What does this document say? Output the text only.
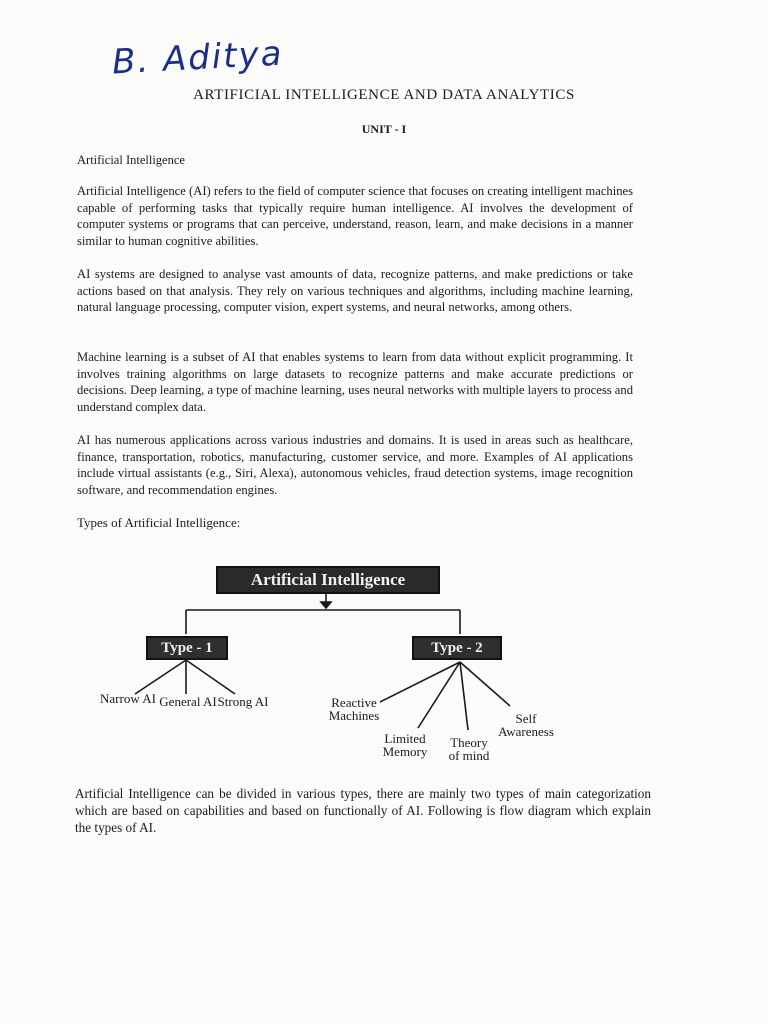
B. Aditya
ARTIFICIAL INTELLIGENCE AND DATA ANALYTICS
UNIT - I
Artificial Intelligence

Artificial Intelligence (AI) refers to the field of computer science that focuses on creating intelligent machines capable of performing tasks that typically require human intelligence. AI involves the development of computer systems or programs that can perceive, understand, reason, learn, and make decisions in a manner similar to human cognitive abilities.

AI systems are designed to analyse vast amounts of data, recognize patterns, and make predictions or take actions based on that analysis. They rely on various techniques and algorithms, including machine learning, natural language processing, computer vision, expert systems, and neural networks, among others.

Machine learning is a subset of AI that enables systems to learn from data without explicit programming. It involves training algorithms on large datasets to recognize patterns and make accurate predictions or decisions. Deep learning, a type of machine learning, uses neural networks with multiple layers to process and understand complex data.

AI has numerous applications across various industries and domains. It is used in areas such as healthcare, finance, transportation, robotics, manufacturing, customer service, and more. Examples of AI applications include virtual assistants (e.g., Siri, Alexa), autonomous vehicles, fraud detection systems, image recognition software, and recommendation engines.

Types of Artificial Intelligence:
Artificial Intelligence
Type - 1	Type - 2
Narrow AI General AI Strong AI	Reactive Machines
Limited Memory
Theory of mind
Self Awareness

Artificial Intelligence can be divided in various types, there are mainly two types of main categorization which are based on capabilities and based on functionally of AI. Following is flow diagram which explain the types of AI.
